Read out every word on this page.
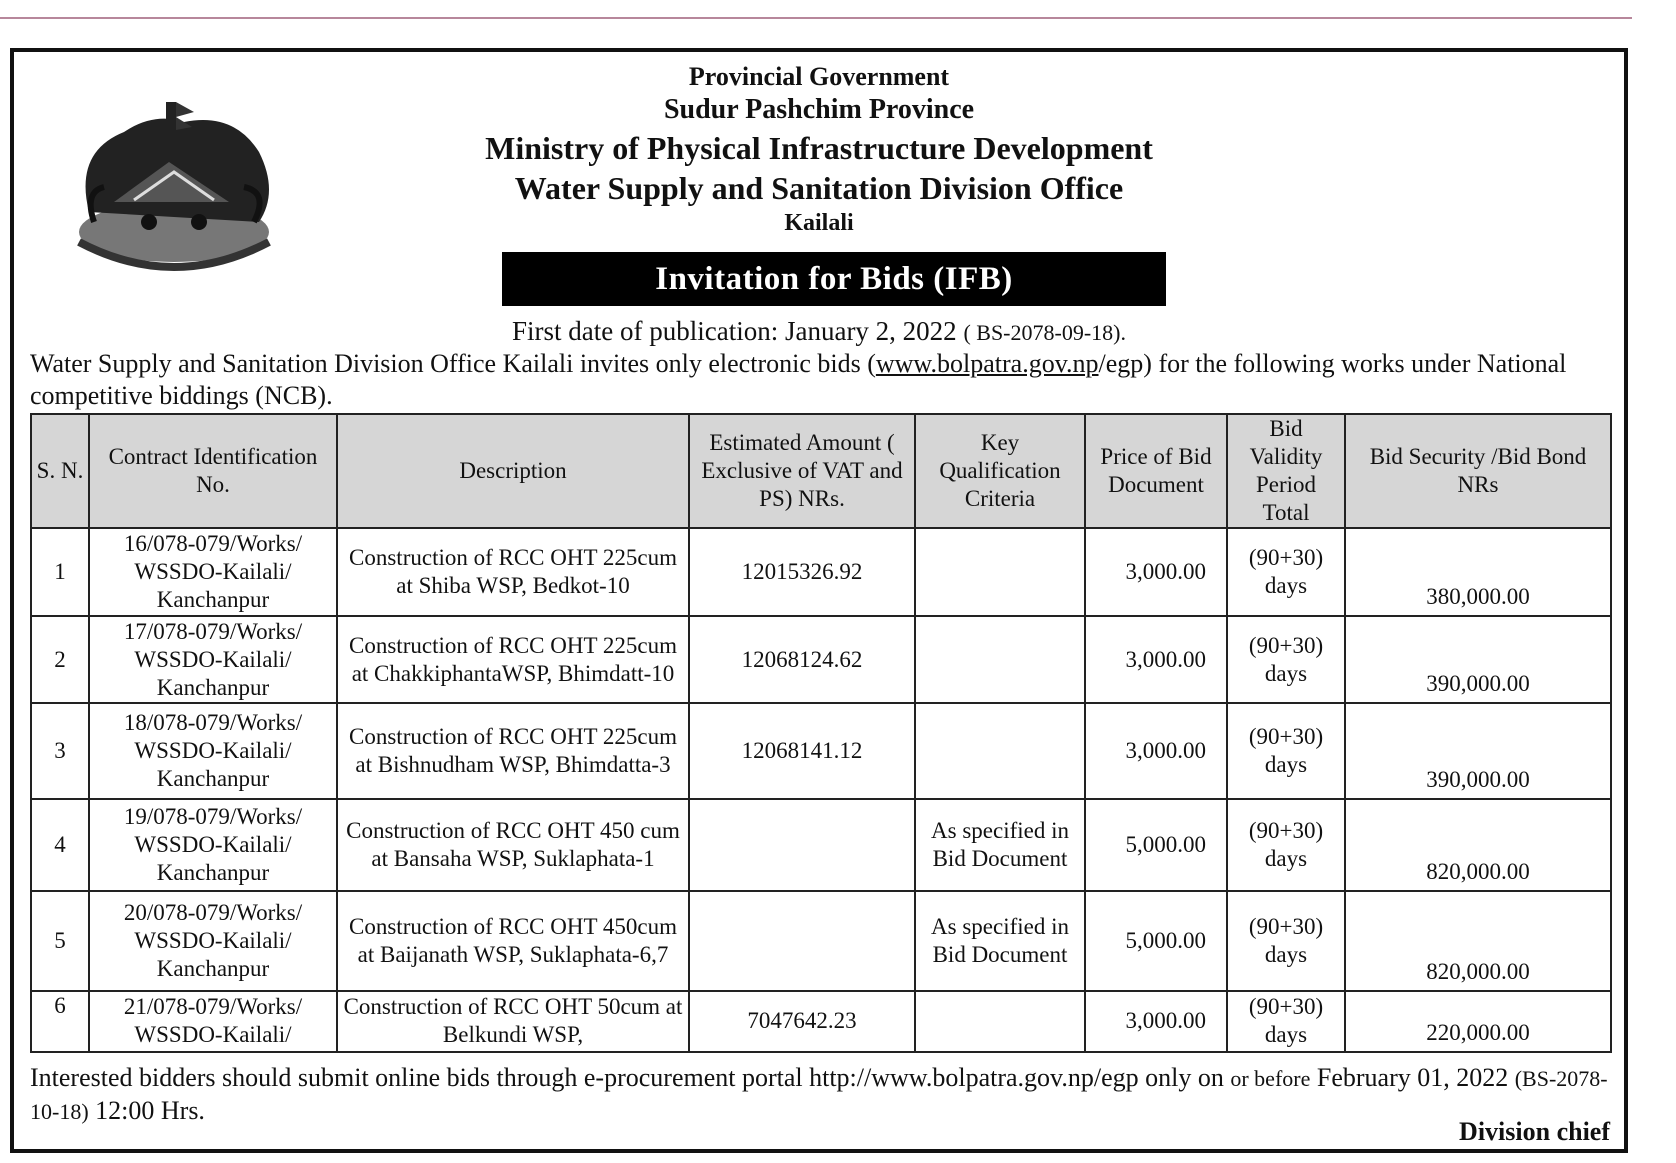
Provincial Government

Sudur Pashchim Province

Ministry of Physical Infrastructure Development

Water Supply and Sanitation Division Office

Kailali

Invitation for Bids (IFB)
First date of publication: January 2, 2022 ( BS-2078-09-18).
Water Supply and Sanitation Division Office Kailali invites only electronic bids (www.bolpatra.gov.np/egp) for the following works under National competitive biddings (NCB).
S. N.	Contract Identification No.	Description	Estimated Amount ( Exclusive of VAT and PS) NRs.	Key Qualification Criteria	Price of Bid Document	Bid Validity Period Total	Bid Security /Bid Bond NRs
1	16/078-079/Works/ WSSDO-Kailali/ Kanchanpur	Construction of RCC OHT 225cum at Shiba WSP, Bedkot-10	12015326.92		3,000.00	(90+30) days	380,000.00
2	17/078-079/Works/ WSSDO-Kailali/ Kanchanpur	Construction of RCC OHT 225cum at ChakkiphantaWSP, Bhimdatt-10	12068124.62		3,000.00	(90+30) days	390,000.00
3	18/078-079/Works/ WSSDO-Kailali/ Kanchanpur	Construction of RCC OHT 225cum at Bishnudham WSP, Bhimdatta-3	12068141.12		3,000.00	(90+30) days	390,000.00
4	19/078-079/Works/ WSSDO-Kailali/ Kanchanpur	Construction of RCC OHT 450 cum at Bansaha WSP, Suklaphata-1		As specified in Bid Document	5,000.00	(90+30) days	820,000.00
5	20/078-079/Works/ WSSDO-Kailali/ Kanchanpur	Construction of RCC OHT 450cum at Baijanath WSP, Suklaphata-6,7		As specified in Bid Document	5,000.00	(90+30) days	820,000.00
6	21/078-079/Works/ WSSDO-Kailali/	Construction of RCC OHT 50cum at Belkundi WSP,	7047642.23		3,000.00	(90+30) days	220,000.00
Interested bidders should submit online bids through e-procurement portal http://www.bolpatra.gov.np/egp only on or before February 01, 2022 (BS-2078-10-18) 12:00 Hrs.
Division chief
